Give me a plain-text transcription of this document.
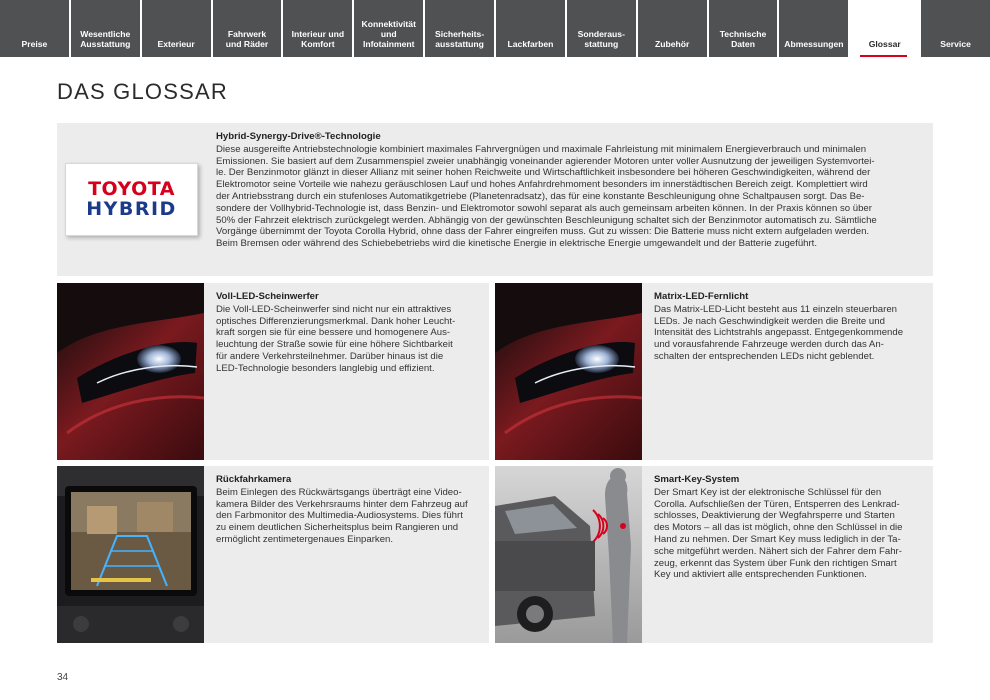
Preise
Wesentliche
Ausstattung	Exterieur
Fahrwerk
und Räder
Interieur und
Komfort
Konnektivität
und
Infotainment
Sicherheits-
ausstattung	Lackfarben
Sonderaus-
stattung	Zubehör
Technische
Daten	Abmessungen	Glossar	Service
DAS GLOSSAR
TOYOTA
HYBRID
Hybrid-Synergy-Drive®-Technologie

Diese ausgereifte Antriebstechnologie kombiniert maximales Fahrvergnügen und maximale Fahrleistung mit minimalem Energieverbrauch und minimalen
Emissionen. Sie basiert auf dem Zusammenspiel zweier unabhängig voneinander agierender Motoren unter voller Ausnutzung der jeweiligen Systemvortei-
le. Der Benzinmotor glänzt in dieser Allianz mit seiner hohen Reichweite und Wirtschaftlichkeit insbesondere bei höheren Geschwindigkeiten, während der
Elektromotor seine Vorteile wie nahezu geräuschlosen Lauf und hohes Anfahrdrehmoment besonders im innerstädtischen Bereich zeigt. Komplettiert wird
der Antriebsstrang durch ein stufenloses Automatikgetriebe (Planetenradsatz), das für eine konstante Beschleunigung ohne Schaltpausen sorgt. Das Be-
sondere der Vollhybrid-Technologie ist, dass Benzin- und Elektromotor sowohl separat als auch gemeinsam arbeiten können. In der Praxis können so über
50% der Fahrzeit elektrisch zurückgelegt werden. Abhängig von der gewünschten Beschleunigung schaltet sich der Benzinmotor automatisch zu. Sämtliche
Vorgänge übernimmt der Toyota Corolla Hybrid, ohne dass der Fahrer eingreifen muss. Gut zu wissen: Die Batterie muss nicht extern aufgeladen werden.
Beim Bremsen oder während des Schiebebetriebs wird die kinetische Energie in elektrische Energie umgewandelt und der Batterie zugeführt.

Voll-LED-Scheinwerfer

Die Voll-LED-Scheinwerfer sind nicht nur ein attraktives
optisches Differenzierungsmerkmal. Dank hoher Leucht-
kraft sorgen sie für eine bessere und homogenere Aus-
leuchtung der Straße sowie für eine höhere Sichtbarkeit
für andere Verkehrsteilnehmer. Darüber hinaus ist die
LED-Technologie besonders langlebig und effizient.

Matrix-LED-Fernlicht

Das Matrix-LED-Licht besteht aus 11 einzeln steuerbaren
LEDs. Je nach Geschwindigkeit werden die Breite und
Intensität des Lichtstrahls angepasst. Entgegenkommende
und vorausfahrende Fahrzeuge werden durch das An-
schalten der entsprechenden LEDs nicht geblendet.

Rückfahrkamera

Beim Einlegen des Rückwärtsgangs überträgt eine Video-
kamera Bilder des Verkehrsraums hinter dem Fahrzeug auf
den Farbmonitor des Multimedia-Audiosystems. Dies führt
zu einem deutlichen Sicherheitsplus beim Rangieren und
ermöglicht zentimetergenaues Einparken.

Smart-Key-System

Der Smart Key ist der elektronische Schlüssel für den
Corolla. Aufschließen der Türen, Entsperren des Lenkrad-
schlosses, Deaktivierung der Wegfahrsperre und Starten
des Motors – all das ist möglich, ohne den Schlüssel in die
Hand zu nehmen. Der Smart Key muss lediglich in der Ta-
sche mitgeführt werden. Nähert sich der Fahrer dem Fahr-
zeug, erkennt das System über Funk den richtigen Smart
Key und aktiviert alle entsprechenden Funktionen.

34
